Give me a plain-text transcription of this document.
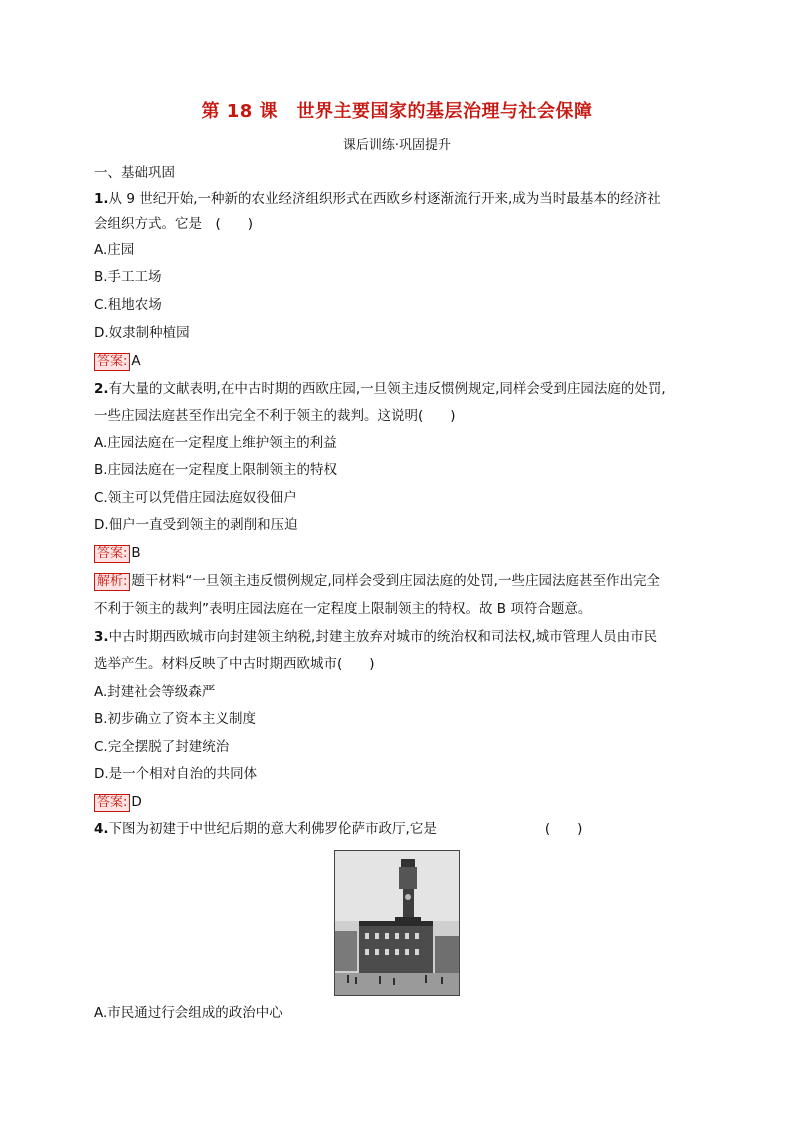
第 18 课　世界主要国家的基层治理与社会保障
课后训练·巩固提升
一、基础巩固
1.从 9 世纪开始,一种新的农业经济组织形式在西欧乡村逐渐流行开来,成为当时最基本的经济社
会组织方式。它是　(　　)
A.庄园
B.手工工场
C.租地农场
D.奴隶制种植园
答案: A
2.有大量的文献表明,在中古时期的西欧庄园,一旦领主违反惯例规定,同样会受到庄园法庭的处罚,
一些庄园法庭甚至作出完全不利于领主的裁判。这说明(　　)
A.庄园法庭在一定程度上维护领主的利益
B.庄园法庭在一定程度上限制领主的特权
C.领主可以凭借庄园法庭奴役佃户
D.佃户一直受到领主的剥削和压迫
答案: B
解析: 题干材料“一旦领主违反惯例规定,同样会受到庄园法庭的处罚,一些庄园法庭甚至作出完全
不利于领主的裁判”表明庄园法庭在一定程度上限制领主的特权。故 B 项符合题意。
3.中古时期西欧城市向封建领主纳税,封建主放弃对城市的统治权和司法权,城市管理人员由市民
选举产生。材料反映了中古时期西欧城市(　　)
A.封建社会等级森严
B.初步确立了资本主义制度
C.完全摆脱了封建统治
D.是一个相对自治的共同体
答案: D
4.下图为初建于中世纪后期的意大利佛罗伦萨市政厅,它是　　　　　　　　(　　)
A.市民通过行会组成的政治中心
